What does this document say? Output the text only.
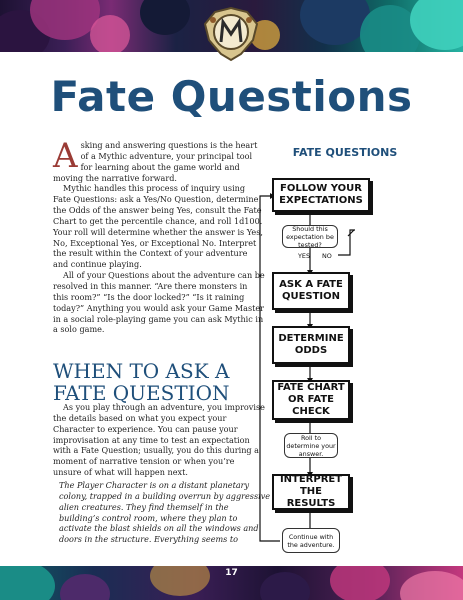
Fate Questions

Asking and answering questions is the heart of a Mythic adventure, your principal tool for learning about the game world and moving the narrative forward.

Mythic handles this process of inquiry using Fate Questions: ask a Yes/No Question, determine the Odds of the answer being Yes, consult the Fate Chart to get the percentile chance, and roll 1d100. Your roll will determine whether the answer is Yes, No, Exceptional Yes, or Exceptional No. Interpret the result within the Context of your adventure and continue playing.

All of your Questions about the adventure can be resolved in this manner. “Are there monsters in this room?” “Is the door locked?” “Is it raining today?” Anything you would ask your Game Master in a social role-playing game you can ask Mythic in a solo game.

WHEN TO ASK A FATE QUESTION

As you play through an adventure, you improvise the details based on what you expect your Character to experience. You can pause your improvisation at any time to test an expectation with a Fate Question; usually, you do this during a moment of narrative tension or when you’re unsure of what will happen next.

The Player Character is on a distant planetary colony, trapped in a building overrun by aggressive alien creatures. They find themself in the building’s control room, where they plan to activate the blast shields on all the windows and doors in the structure. Everything seems to

FATE QUESTIONS
FOLLOW YOUR EXPECTATIONS
Should this expectation be tested?
YES NO
ASK A FATE QUESTION
DETERMINE ODDS
FATE CHART OR FATE CHECK
Roll to determine your answer.
INTERPRET THE RESULTS
Continue with the adventure.
17
